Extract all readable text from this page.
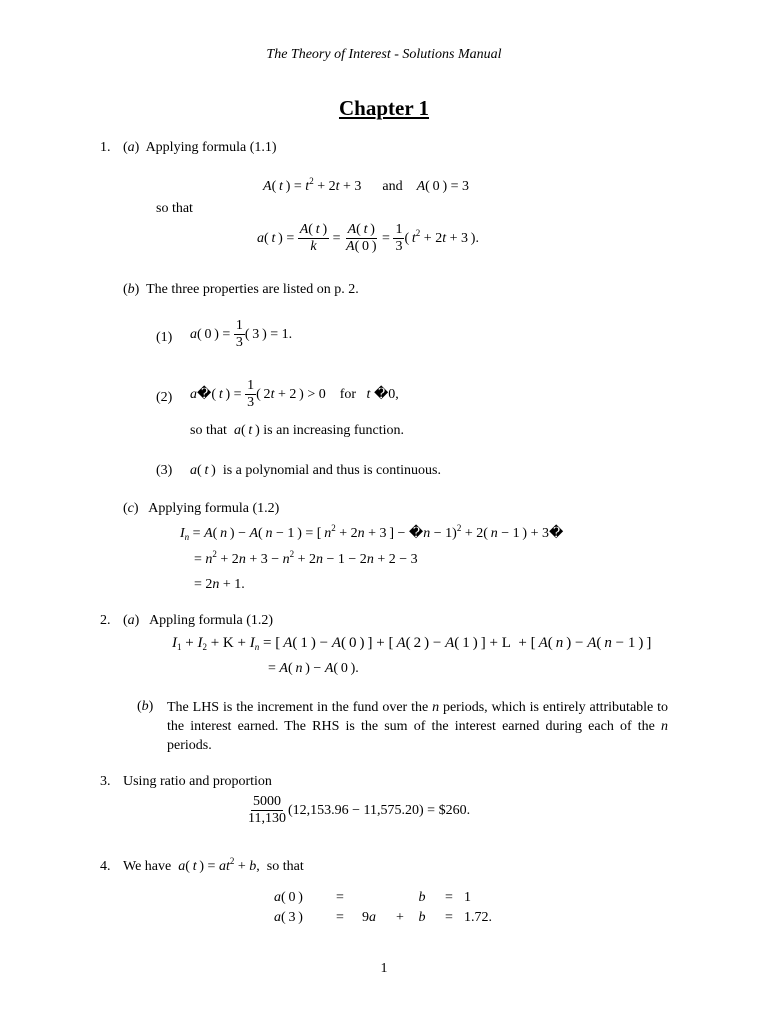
The Theory of Interest - Solutions Manual
Chapter 1
1. (a)  Applying formula (1.1)
A( t ) = $t^2 + 2t + 3$      and A( 0 ) = 3
so that
a( t ) = $\frac{A( t )}{k} = \frac{A( t )}{A( 0 )} = \frac{1}{3}$ ( $t^2 + 2t + 3$ ).
(b)  The three properties are listed on p. 2.
(1) a( 0 ) = $\frac{1}{3}$ ( 3 ) = 1.
(2) a�( t ) = $\frac{1}{3}$ ( 2t + 2 ) > 0    for t �0,
so that a( t ) is an increasing function.
(3) a( t )  is a polynomial and thus is continuous.
(c)   Applying formula (1.2)
$I_n = A$( n ) − A( n − 1 ) = [ $n^2 + 2n + 3$ ] − �n − 1)$^2$ + 2( n − 1 ) + 3�
= $n^2 + 2n + 3 - n^2 + 2n - 1 - 2n + 2 - 3$
= 2n + 1.
2. (a)   Appling formula (1.2)
$I_1 + I_2 + K + I_n$ = [ A( 1 ) − A( 0 ) ] + [ A( 2 ) − A( 1 ) ] + L  + [ A( n ) − A( n − 1 ) ]
= A( n ) − A( 0 ).
(b) The LHS is the increment in the fund over the n periods, which is entirely attributable to the interest earned. The RHS is the sum of the interest earned during each of the n periods.
3. Using ratio and proportion
$\frac{5000}{11,130} (12,153.96 - 11,575.20)$ = $260.
4. We have a( t ) = $at^2 + b$,  so that
a( 0 )	=			b	=	1
a( 3 )	=	9a	+	b	=	1.72.
1
